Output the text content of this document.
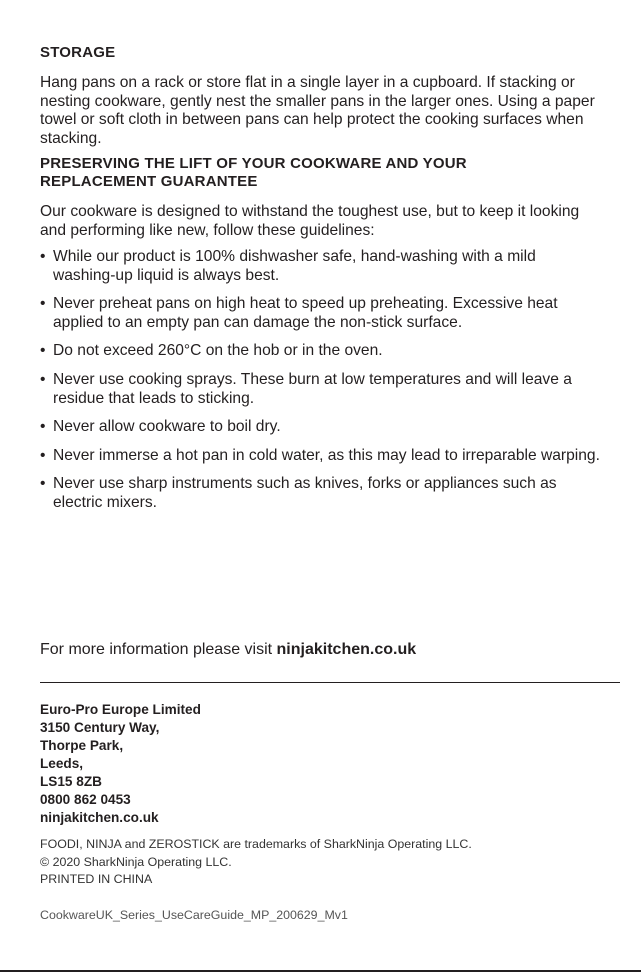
STORAGE

Hang pans on a rack or store flat in a single layer in a cupboard. If stacking or nesting cookware, gently nest the smaller pans in the larger ones. Using a paper towel or soft cloth in between pans can help protect the cooking surfaces when stacking.

PRESERVING THE LIFT OF YOUR COOKWARE AND YOUR REPLACEMENT GUARANTEE

Our cookware is designed to withstand the toughest use, but to keep it looking and performing like new, follow these guidelines:

• While our product is 100% dishwasher safe, hand-washing with a mild washing-up liquid is always best.
• Never preheat pans on high heat to speed up preheating. Excessive heat applied to an empty pan can damage the non-stick surface.
• Do not exceed 260°C on the hob or in the oven.
• Never use cooking sprays. These burn at low temperatures and will leave a residue that leads to sticking.
• Never allow cookware to boil dry.
• Never immerse a hot pan in cold water, as this may lead to irreparable warping.
• Never use sharp instruments such as knives, forks or appliances such as electric mixers.

For more information please visit ninjakitchen.co.uk

Euro-Pro Europe Limited
3150 Century Way,
Thorpe Park,
Leeds,
LS15 8ZB
0800 862 0453
ninjakitchen.co.uk
FOODI, NINJA and ZEROSTICK are trademarks of SharkNinja Operating LLC.
© 2020 SharkNinja Operating LLC.
PRINTED IN CHINA
CookwareUK_Series_UseCareGuide_MP_200629_Mv1
